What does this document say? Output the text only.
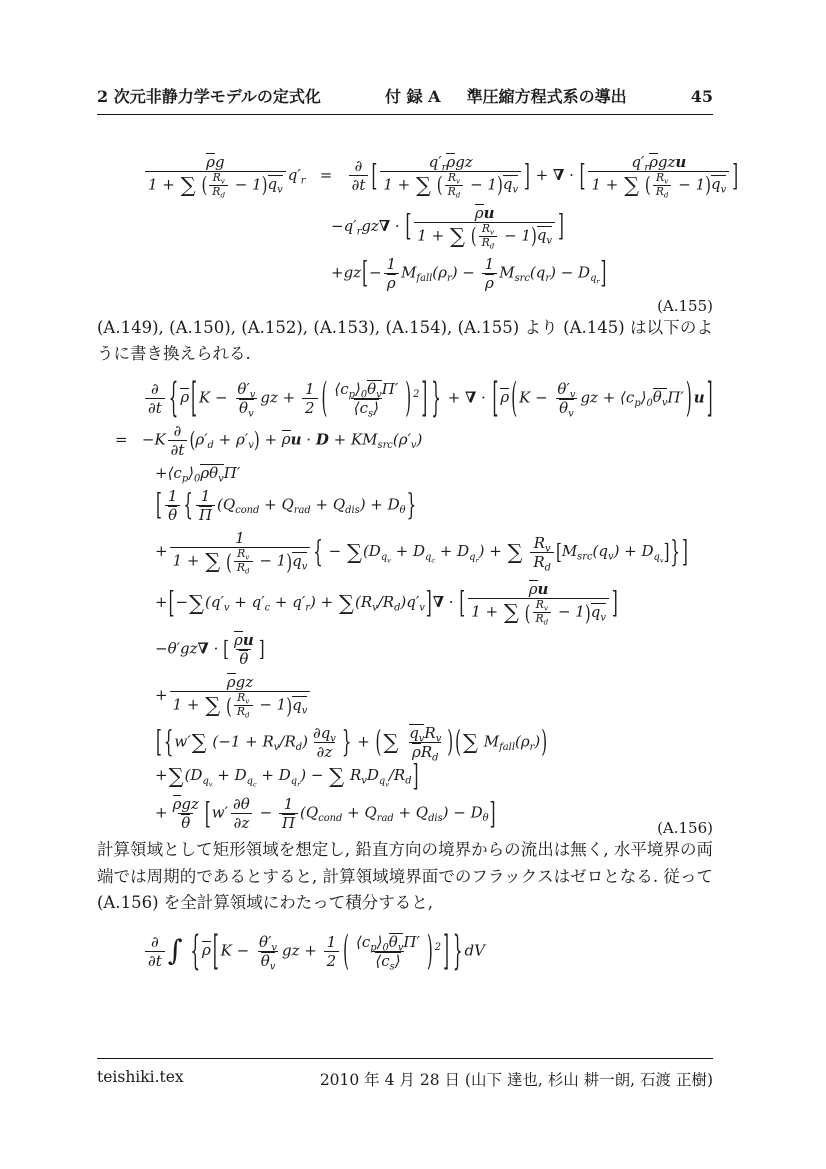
2 次元非静力学モデルの定式化	付 録 A 準圧縮方程式系の導出	45
$\frac{\rho g}{1 + \sum ( \frac{R_v}{R_d} - 1)q_v} q'_r = \frac{\partial}{\partial t}$ [ $\frac{q'_r\rho gz}{1 + \sum ( \frac{R_v}{R_d} - 1)q_v}$ ] + ∇ · [ $\frac{q'_r\rho gzu}{1 + \sum ( \frac{R_v}{R_d} - 1)q_v}$ ]
$-q'_rgz\nabla$ · [ $\frac{\rho u}{1 + \sum ( \frac{R_v}{R_d} - 1)q_v}$ ]
$+gz[- \frac{1}{\rho} M_{fall}(\rho_r) - \frac{1}{\rho} M_{src}(q_r) - D_{q_r}]$
(A.155)

(A.149), (A.150), (A.152), (A.153), (A.154), (A.155) より (A.145) は以下のように書き換えられる.

$\frac{\partial}{\partial t}$ { ρ [ $K - \frac{\theta'_v}{\theta_v}$ gz + $\frac{1}{2}$ ( $\frac{⟨c_p⟩_0\theta_v\Pi'}{⟨c_s⟩}$ ) $^2$ ] } + ∇ · [ ρ ( $K - \frac{\theta'_v}{\theta_v}$ gz + $⟨c_p⟩_0\theta_v\Pi'$ ) u ]
=   $-K \frac{\partial}{\partial t} (\rho'_d + \rho'_v) + \rho u \cdot D + KM_{src}(\rho'_v)$
$+⟨c_p⟩_0\rho\theta_v\Pi'$
[ $\frac{1}{\theta}$ { $\frac{1}{\Pi} (Q_{cond} + Q_{rad} + Q_{dis}) + D_\theta$}
+ $\frac{1}{1 + \sum ( \frac{R_v}{R_d} - 1)q_v}$ { − $\sum(D_{q_v} + D_{q_c} + D_{q_r})$ + ∑ $\frac{R_v}{R_d} [M_{src}(q_v) + D_{q_v}]$} ]
$+[-\sum(q'_v + q'_c + q'_r) + \sum(R_v/R_d)q'_v]\nabla$ · [ $\frac{\rho u}{1 + \sum ( \frac{R_v}{R_d} - 1)q_v}$ ]
−θ′gz∇ · [ $\frac{\rho u}{\theta}$ ]
+ $\frac{\text{ρgz}}{1 + \sum ( \frac{R_v}{R_d} - 1)q_v}$
[ {w′∑ $(-1 + R_v/R_d) \frac{\partial q_v}{\partial z}$ } + (∑ $\frac{q_vR_v}{\rho R_d}$ ) (∑ $M_{fall}(\rho_r)$)
$+\sum(D_{q_v} + D_{q_c} + D_{q_r})$ − ∑ $R_vD_{q_v}/R_d$]
+ $\frac{\text{ρgz}}{\theta} [w' \frac{\partial\theta}{\partial z} - \frac{1}{\Pi} (Q_{cond} + Q_{rad} + Q_{dis}) - D_\theta]$	(A.156)

計算領域として矩形領域を想定し, 鉛直方向の境界からの流出は無く, 水平境界の両端では周期的であるとすると, 計算領域境界面でのフラックスはゼロとなる. 従って (A.156) を全計算領域にわたって積分すると,

$\frac{\partial}{\partial t}$ ∫ { ρ [ $K - \frac{\theta'_v}{\theta_v}$ gz + $\frac{1}{2}$ ( $\frac{⟨c_p⟩_0\theta_v\Pi'}{⟨c_s⟩}$ ) $^2$ ] } dV
teishiki.tex	2010 年 4 月 28 日 (山下 達也, 杉山 耕一朗, 石渡 正樹)
